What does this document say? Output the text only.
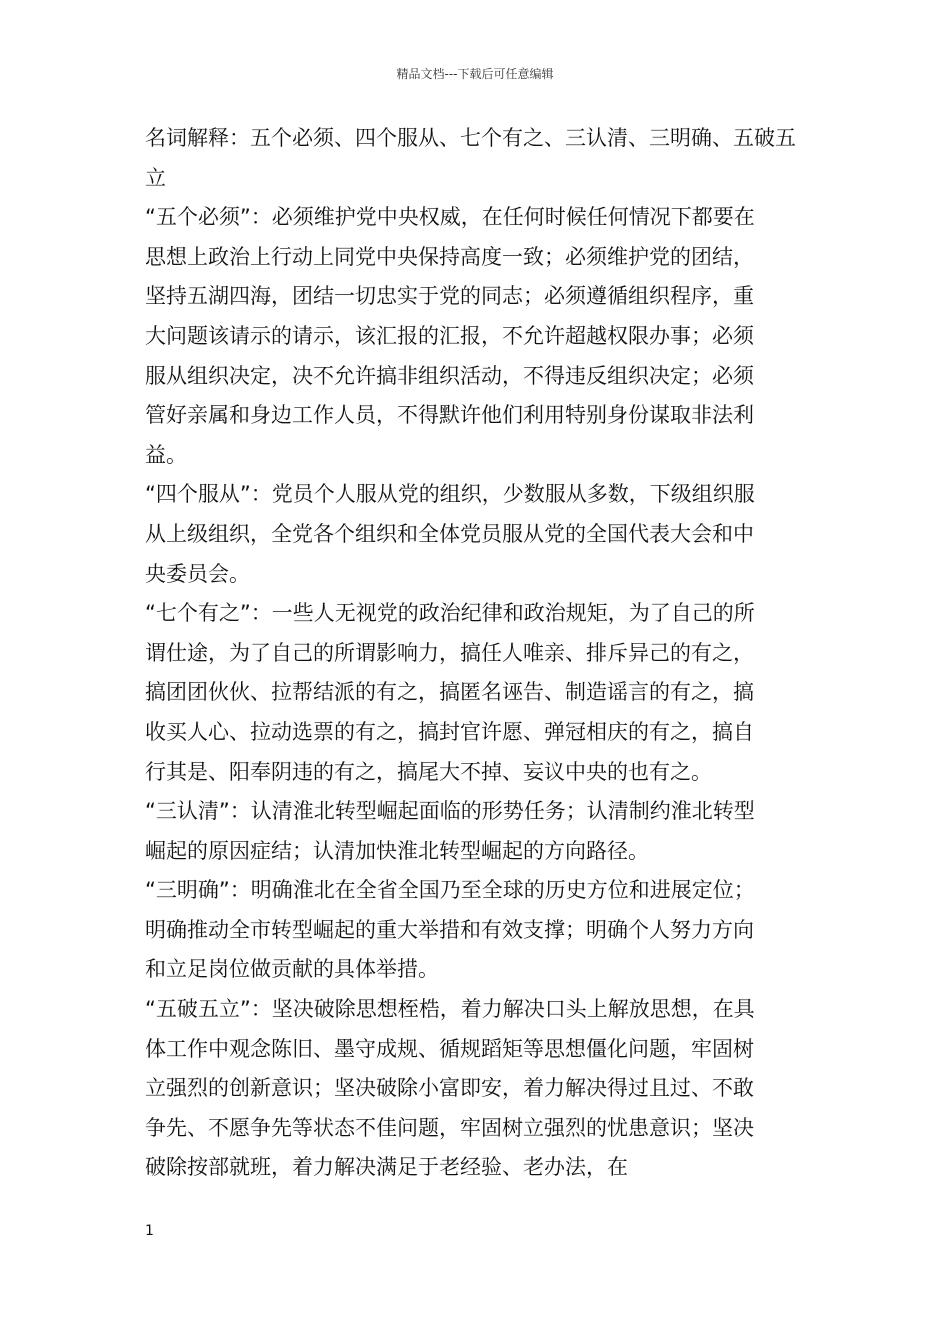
精品文档---下载后可任意编辑

名词解释：五个必须、四个服从、七个有之、三认清、三明确、五破五立

“五个必须”：必须维护党中央权威，在任何时候任何情况下都要在思想上政治上行动上同党中央保持高度一致；必须维护党的团结，坚持五湖四海，团结一切忠实于党的同志；必须遵循组织程序，重大问题该请示的请示，该汇报的汇报，不允许超越权限办事；必须服从组织决定，决不允许搞非组织活动，不得违反组织决定；必须管好亲属和身边工作人员，不得默许他们利用特别身份谋取非法利益。

“四个服从”：党员个人服从党的组织，少数服从多数，下级组织服从上级组织，全党各个组织和全体党员服从党的全国代表大会和中央委员会。

“七个有之”：一些人无视党的政治纪律和政治规矩，为了自己的所谓仕途，为了自己的所谓影响力，搞任人唯亲、排斥异己的有之，搞团团伙伙、拉帮结派的有之，搞匿名诬告、制造谣言的有之，搞收买人心、拉动选票的有之，搞封官许愿、弹冠相庆的有之，搞自行其是、阳奉阴违的有之，搞尾大不掉、妄议中央的也有之。

“三认清”：认清淮北转型崛起面临的形势任务；认清制约淮北转型崛起的原因症结；认清加快淮北转型崛起的方向路径。

“三明确”：明确淮北在全省全国乃至全球的历史方位和进展定位；明确推动全市转型崛起的重大举措和有效支撑；明确个人努力方向和立足岗位做贡献的具体举措。

“五破五立”：坚决破除思想桎梏，着力解决口头上解放思想，在具体工作中观念陈旧、墨守成规、循规蹈矩等思想僵化问题，牢固树立强烈的创新意识；坚决破除小富即安，着力解决得过且过、不敢争先、不愿争先等状态不佳问题，牢固树立强烈的忧患意识；坚决破除按部就班，着力解决满足于老经验、老办法，在

1
